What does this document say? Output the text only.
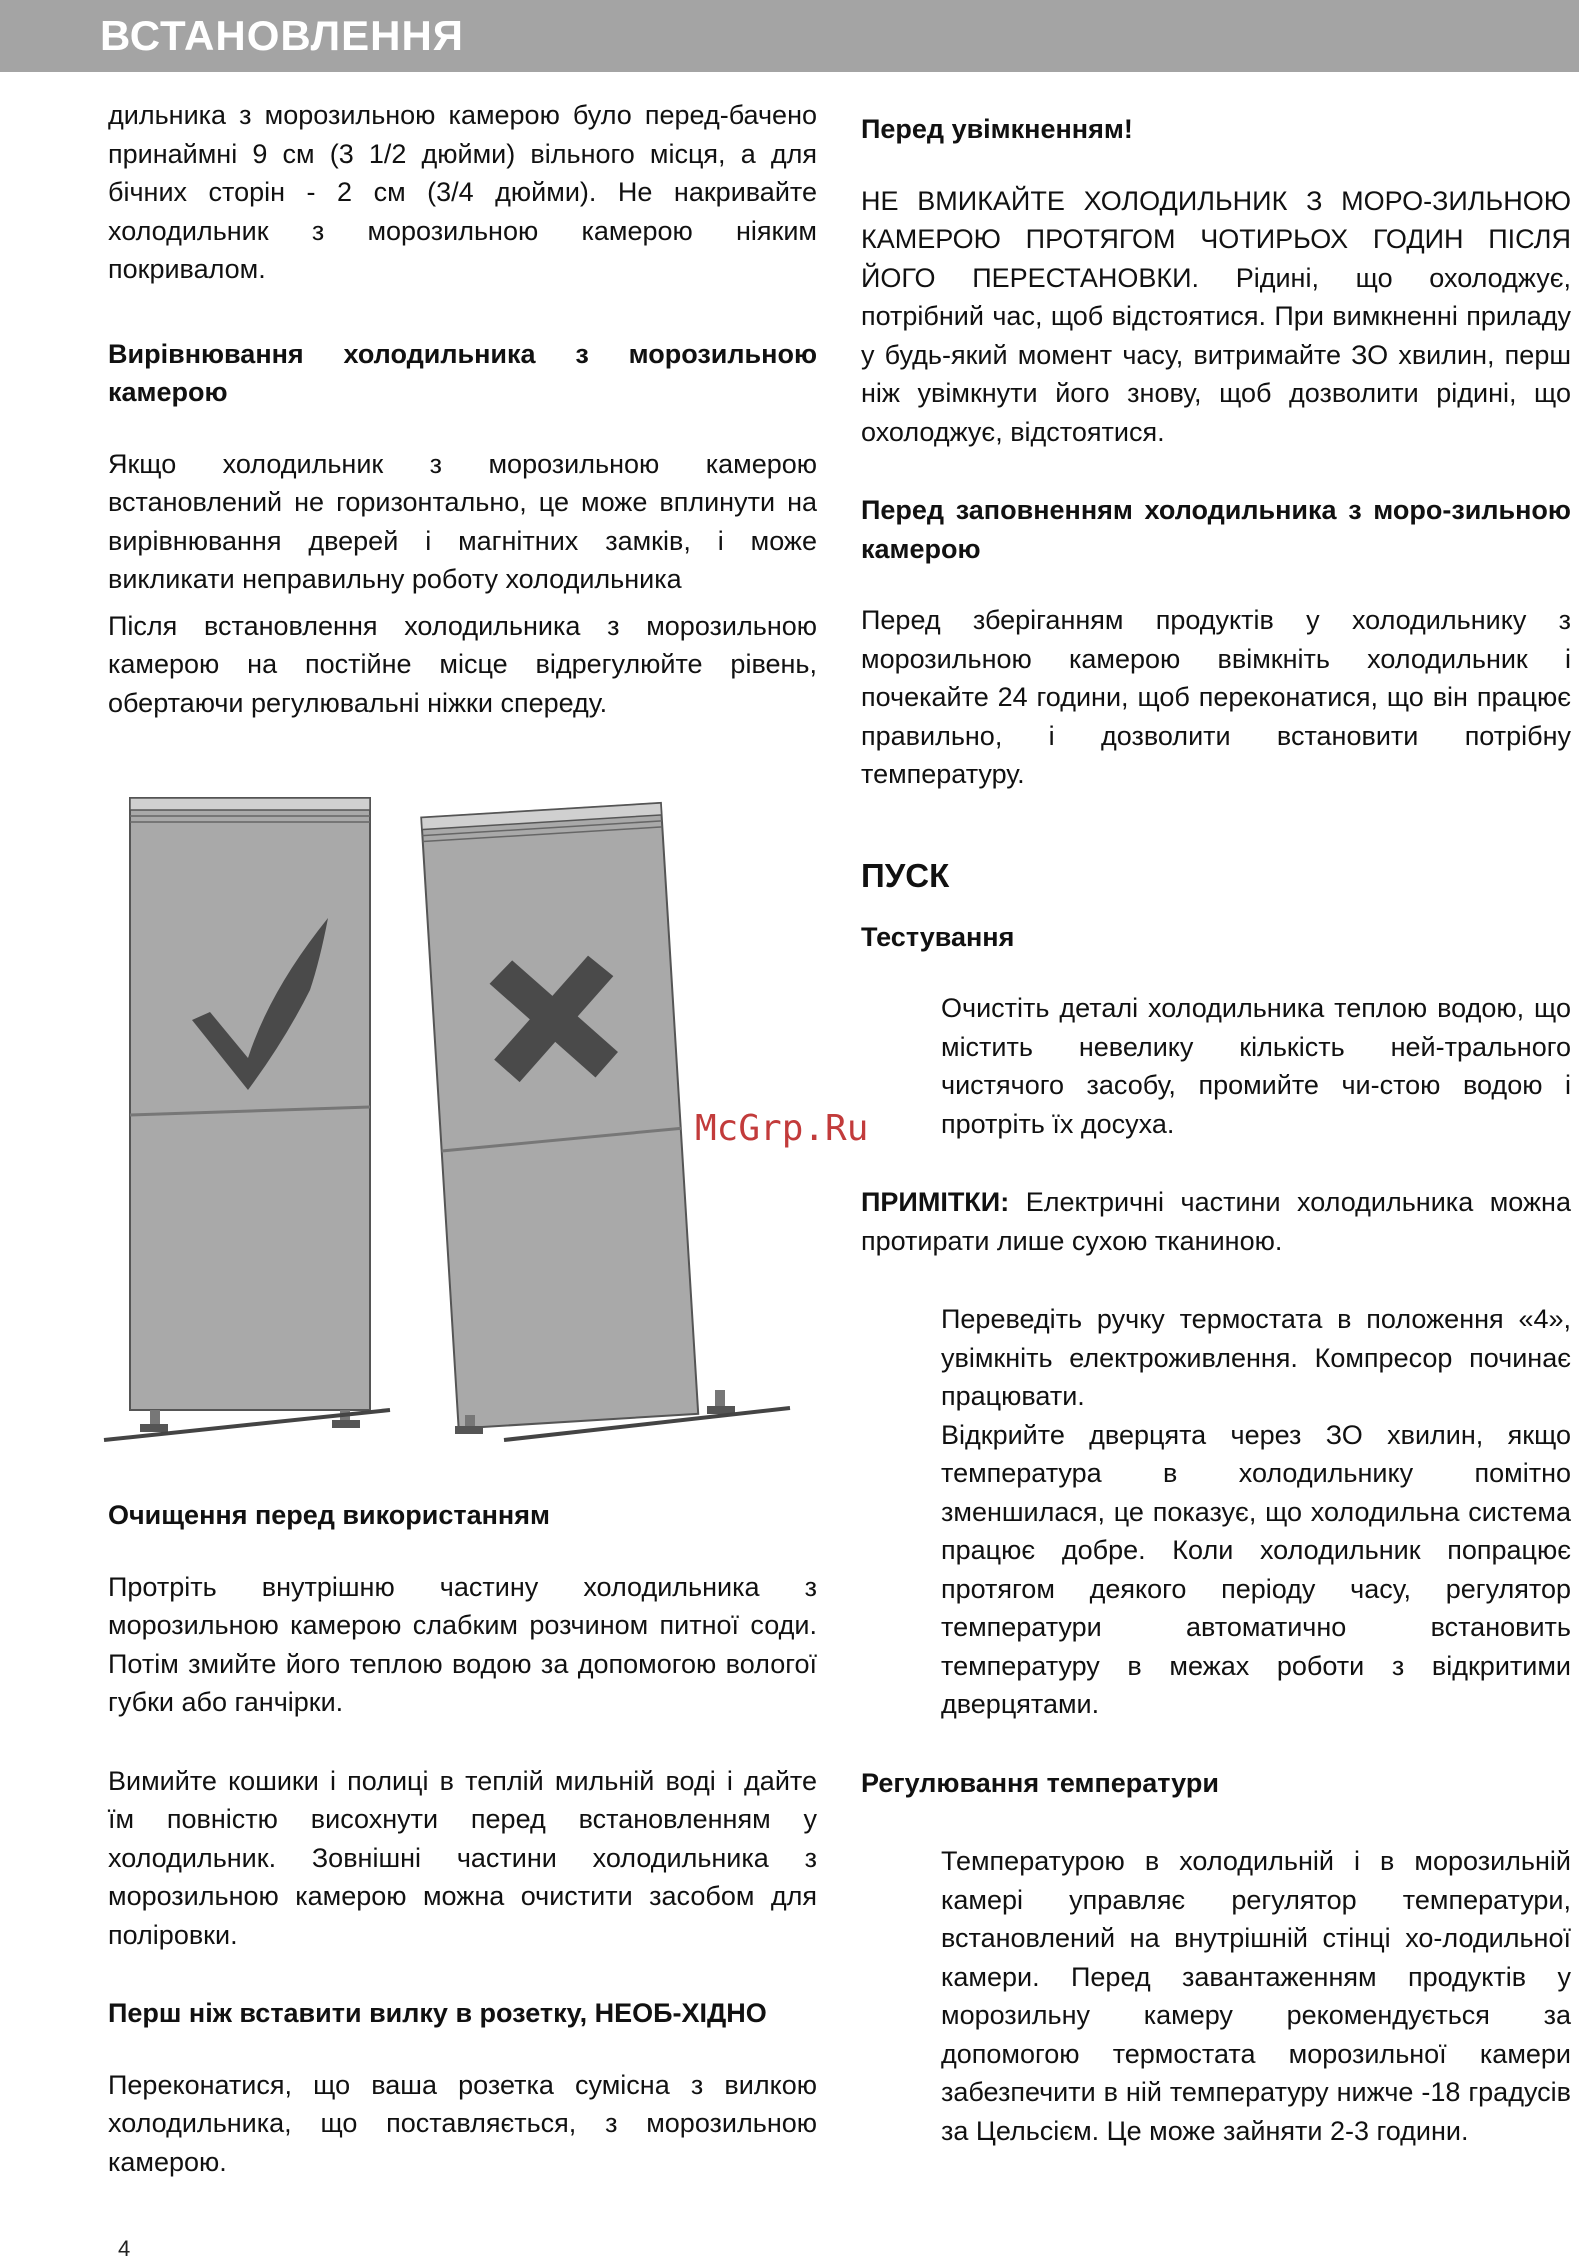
ВСТАНОВЛЕННЯ

дильника з морозильною камерою було перед-бачено принаймні 9 см (3 1/2 дюйми) вільного місця, а для бічних сторін - 2 см (3/4 дюйми). Не накривайте холодильник з морозильною камерою ніяким покривалом.

Вирівнювання холодильника з морозильною камерою

Якщо холодильник з морозильною камерою встановлений не горизонтально, це може вплинути на вирівнювання дверей і магнітних замків, і може викликати неправильну роботу холодильника

Після встановлення холодильника з морозильною камерою на постійне місце відрегулюйте рівень, обертаючи регулювальні ніжки спереду.

Очищення перед використанням

Протріть внутрішню частину холодильника з морозильною камерою слабким розчином питної соди. Потім змийте його теплою водою за допомогою вологої губки або ганчірки.

Вимийте кошики і полиці в теплій мильній воді і дайте їм повністю висохнути перед встановленням у холодильник. Зовнішні частини холодильника з морозильною камерою можна очистити засобом для поліровки.

Перш ніж вставити вилку в розетку, НЕОБ-ХІДНО

Переконатися, що ваша розетка сумісна з вилкою холодильника, що поставляється, з морозильною камерою.

Перед увімкненням!

НЕ ВМИКАЙТЕ ХОЛОДИЛЬНИК З МОРО-ЗИЛЬНОЮ КАМЕРОЮ ПРОТЯГОМ ЧОТИРЬОХ ГОДИН ПІСЛЯ ЙОГО ПЕРЕСТАНОВКИ. Рідині, що охолоджує, потрібний час, щоб відстоятися. При вимкненні приладу у будь-який момент часу, витримайте ЗО хвилин, перш ніж увімкнути його знову, щоб дозволити рідині, що охолоджує, відстоятися.

Перед заповненням холодильника з моро-зильною камерою

Перед зберіганням продуктів у холодильнику з морозильною камерою ввімкніть холодильник і почекайте 24 години, щоб переконатися, що він працює правильно, і дозволити встановити потрібну температуру.

ПУСК
Тестування

Очистіть деталі холодильника теплою водою, що містить невелику кількість ней-трального чистячого засобу, промийте чи-стою водою і протріть їх досуха.

ПРИМІТКИ: Електричні частини холодильника можна протирати лише сухою тканиною.

Переведіть ручку термостата в положення «4», увімкніть електроживлення. Компресор починає працювати.

Відкрийте дверцята через ЗО хвилин, якщо температура в холодильнику помітно зменшилася, це показує, що холодильна система працює добре. Коли холодильник попрацює протягом деякого періоду часу, регулятор температури автоматично встановить температуру в межах роботи з відкритими дверцятами.

Регулювання температури

Температурою в холодильній і в морозильній камері управляє регулятор температури, встановлений на внутрішній стінці хо-лодильної камери. Перед завантаженням продуктів у морозильну камеру рекомендується за допомогою термостата морозильної камери забезпечити в ній температуру нижче -18 градусів за Цельсієм. Це може зайняти 2-3 години.

McGrp.Ru
4
